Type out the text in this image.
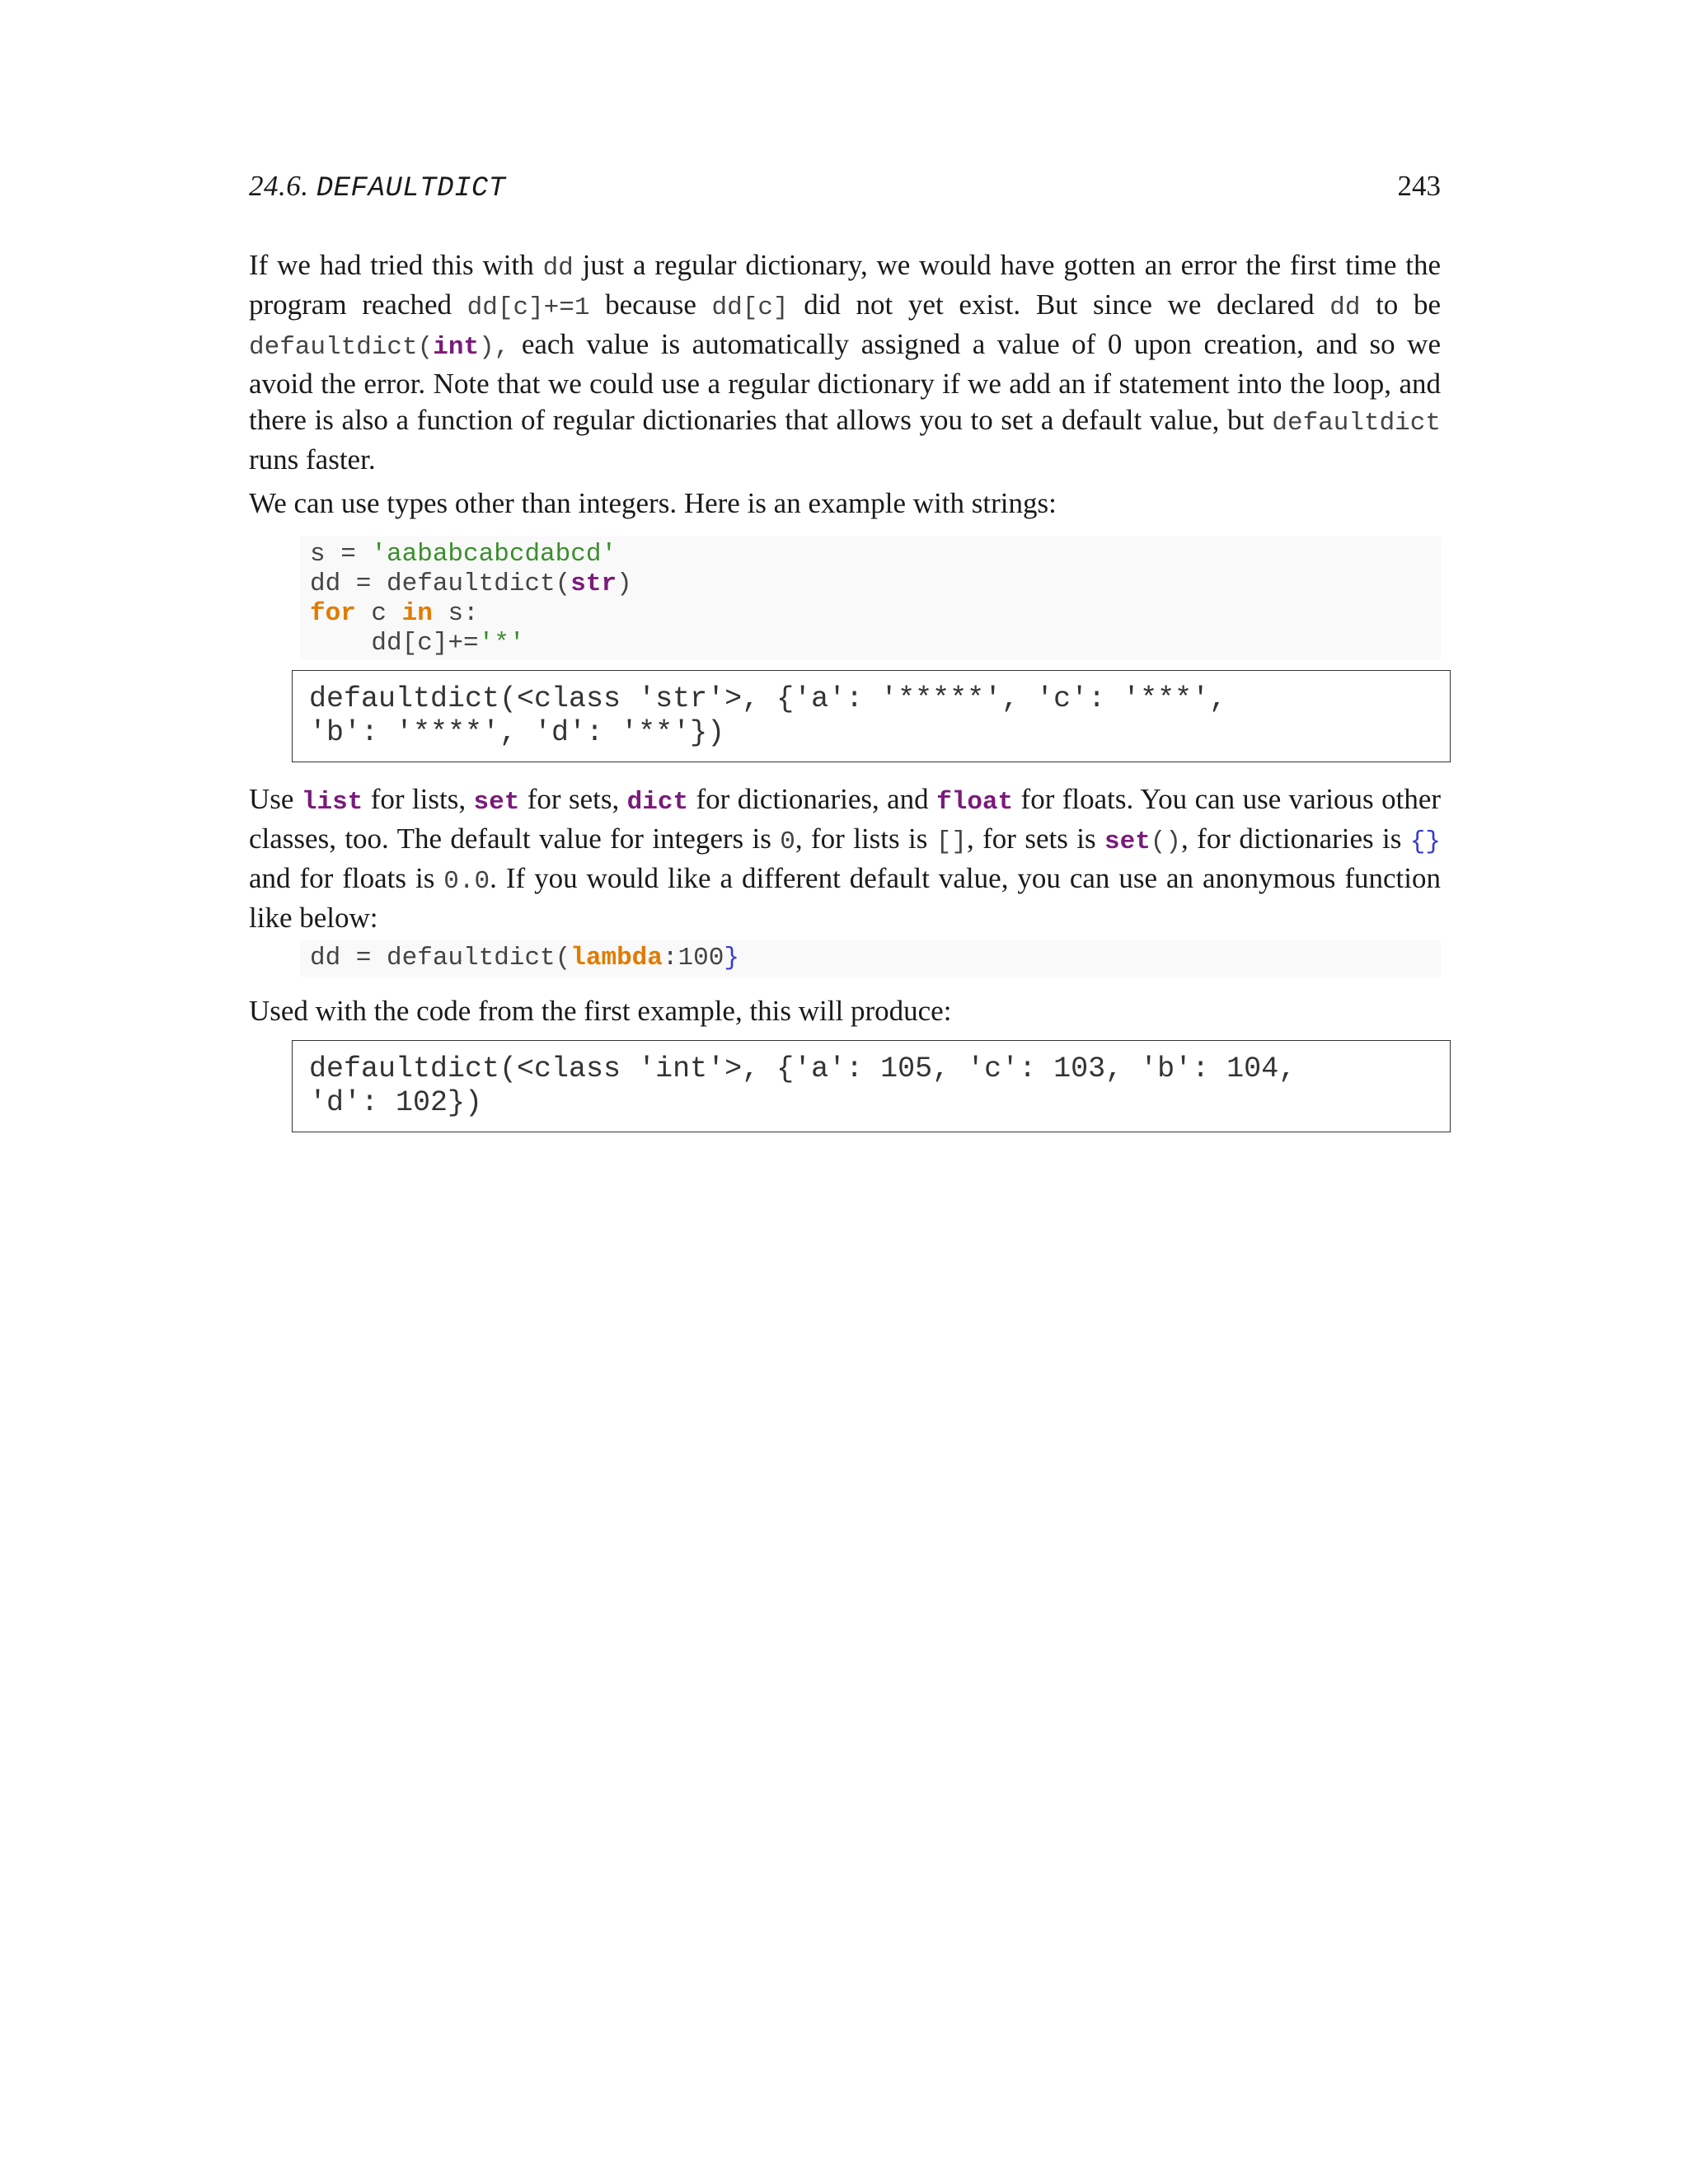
24.6. DEFAULTDICT	243

If we had tried this with dd just a regular dictionary, we would have gotten an error the first time the program reached dd[c]+=1 because dd[c] did not yet exist. But since we declared dd to be defaultdict(int), each value is automatically assigned a value of 0 upon creation, and so we avoid the error. Note that we could use a regular dictionary if we add an if statement into the loop, and there is also a function of regular dictionaries that allows you to set a default value, but defaultdict runs faster.

We can use types other than integers. Here is an example with strings:

s = 'aababcabcdabcd'
dd = defaultdict(str)
for c in s:
dd[c]+='*'
defaultdict(<class 'str'>, {'a': '*****', 'c': '***',
'b': '****', 'd': '**'})

Use list for lists, set for sets, dict for dictionaries, and float for floats. You can use various other classes, too. The default value for integers is 0, for lists is [], for sets is set(), for dictionaries is {} and for floats is 0.0. If you would like a different default value, you can use an anonymous function like below:

dd = defaultdict(lambda:100}

Used with the code from the first example, this will produce:

defaultdict(<class 'int'>, {'a': 105, 'c': 103, 'b': 104,
'd': 102})
